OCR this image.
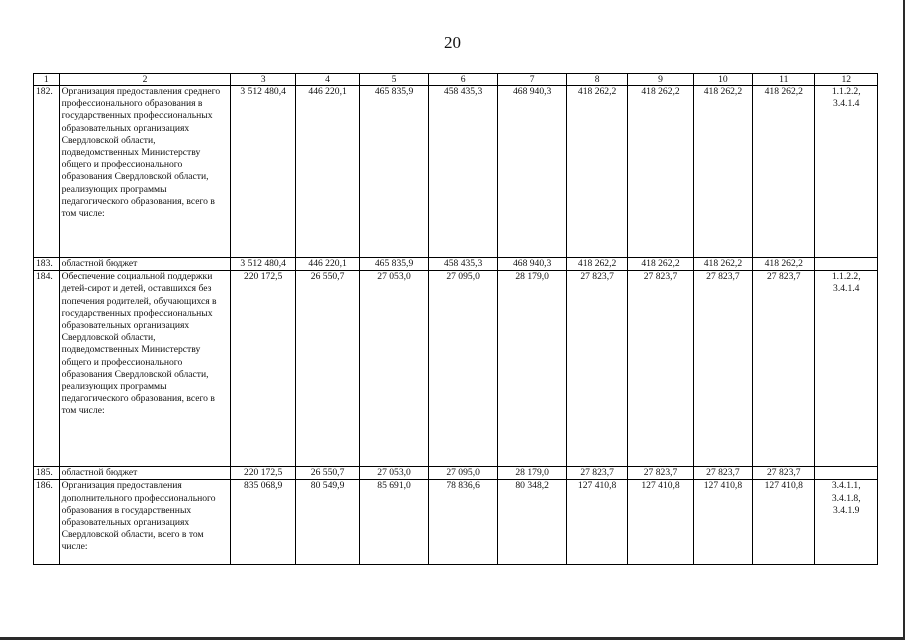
20
1	2	3	4	5	6	7	8	9	10	11	12
182.	Организация предоставления среднего профессионального образования в государственных профессиональных образовательных организациях Свердловской области, подведомственных Министерству общего и профессионального образования Свердловской области, реализующих программы педагогического образования, всего в том числе:	3 512 480,4	446 220,1	465 835,9	458 435,3	468 940,3	418 262,2	418 262,2	418 262,2	418 262,2	1.1.2.2, 3.4.1.4
183.	областной бюджет	3 512 480,4	446 220,1	465 835,9	458 435,3	468 940,3	418 262,2	418 262,2	418 262,2	418 262,2	
184.	Обеспечение социальной поддержки детей-сирот и детей, оставшихся без попечения родителей, обучающихся в государственных профессиональных образовательных организациях Свердловской области, подведомственных Министерству общего и профессионального образования Свердловской области, реализующих программы педагогического образования, всего в том числе:	220 172,5	26 550,7	27 053,0	27 095,0	28 179,0	27 823,7	27 823,7	27 823,7	27 823,7	1.1.2.2, 3.4.1.4
185.	областной бюджет	220 172,5	26 550,7	27 053,0	27 095,0	28 179,0	27 823,7	27 823,7	27 823,7	27 823,7	
186.	Организация предоставления дополнительного профессионального образования в государственных образовательных организациях Свердловской области, всего в том числе:	835 068,9	80 549,9	85 691,0	78 836,6	80 348,2	127 410,8	127 410,8	127 410,8	127 410,8	3.4.1.1, 3.4.1.8, 3.4.1.9
